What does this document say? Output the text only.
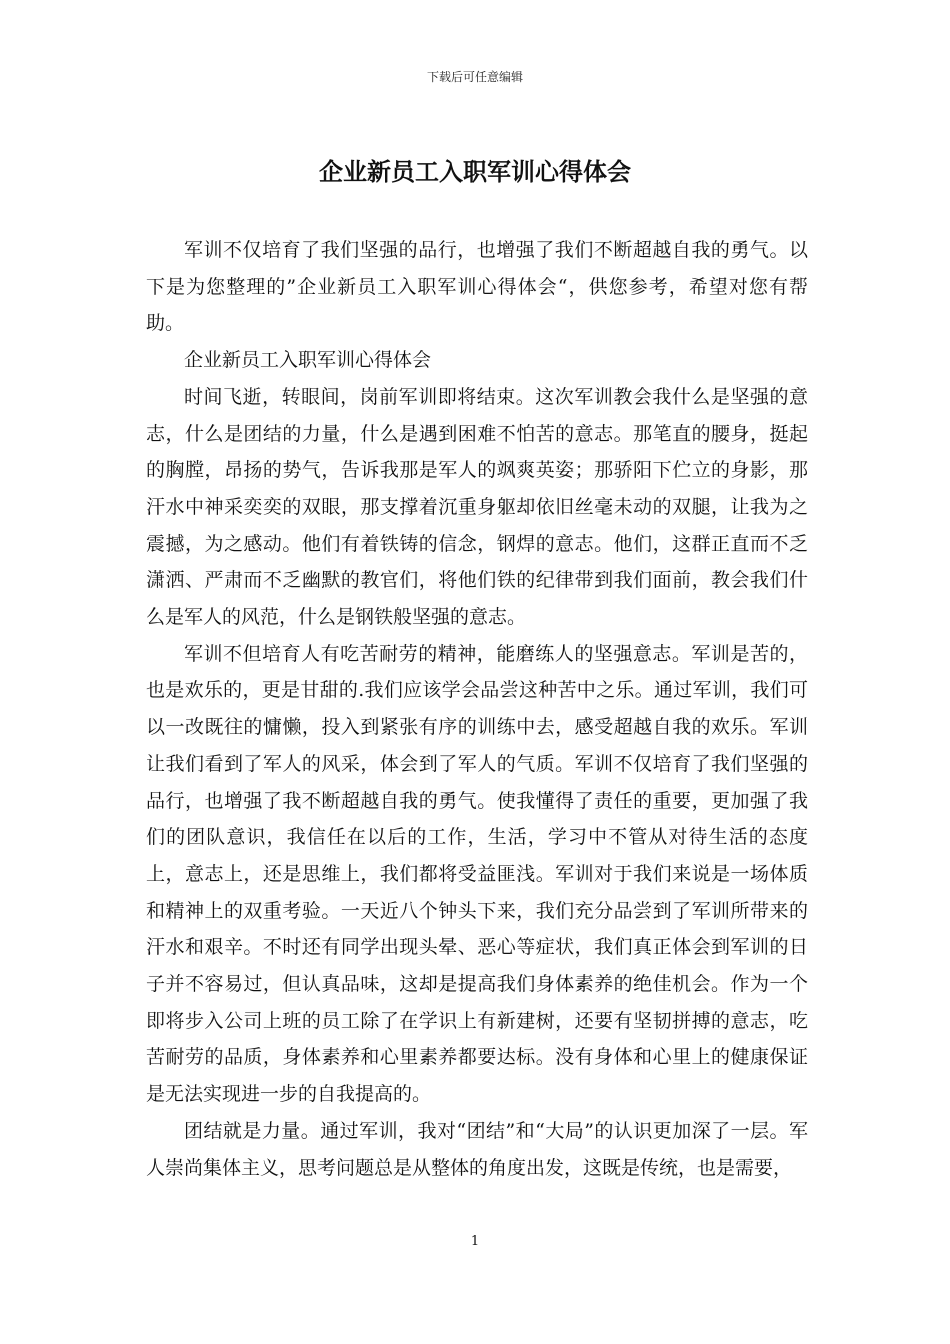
下载后可任意编辑
企业新员工入职军训心得体会

军训不仅培育了我们坚强的品行，也增强了我们不断超越自我的勇气。以下是为您整理的”企业新员工入职军训心得体会“，供您参考，希望对您有帮助。

企业新员工入职军训心得体会

时间飞逝，转眼间，岗前军训即将结束。这次军训教会我什么是坚强的意志，什么是团结的力量，什么是遇到困难不怕苦的意志。那笔直的腰身，挺起的胸膛，昂扬的势气，告诉我那是军人的飒爽英姿；那骄阳下伫立的身影，那汗水中神采奕奕的双眼，那支撑着沉重身躯却依旧丝毫未动的双腿，让我为之震撼，为之感动。他们有着铁铸的信念，钢焊的意志。他们，这群正直而不乏潇洒、严肃而不乏幽默的教官们，将他们铁的纪律带到我们面前，教会我们什么是军人的风范，什么是钢铁般坚强的意志。

军训不但培育人有吃苦耐劳的精神，能磨练人的坚强意志。军训是苦的，也是欢乐的，更是甘甜的.我们应该学会品尝这种苦中之乐。通过军训，我们可以一改既往的慵懒，投入到紧张有序的训练中去，感受超越自我的欢乐。军训让我们看到了军人的风采，体会到了军人的气质。军训不仅培育了我们坚强的品行，也增强了我不断超越自我的勇气。使我懂得了责任的重要，更加强了我们的团队意识，我信任在以后的工作，生活，学习中不管从对待生活的态度上，意志上，还是思维上，我们都将受益匪浅。军训对于我们来说是一场体质和精神上的双重考验。一天近八个钟头下来，我们充分品尝到了军训所带来的汗水和艰辛。不时还有同学出现头晕、恶心等症状，我们真正体会到军训的日子并不容易过，但认真品味，这却是提高我们身体素养的绝佳机会。作为一个即将步入公司上班的员工除了在学识上有新建树，还要有坚韧拼搏的意志，吃苦耐劳的品质，身体素养和心里素养都要达标。没有身体和心里上的健康保证是无法实现进一步的自我提高的。

团结就是力量。通过军训，我对“团结”和“大局”的认识更加深了一层。军人崇尚集体主义，思考问题总是从整体的角度出发，这既是传统，也是需要，

1
